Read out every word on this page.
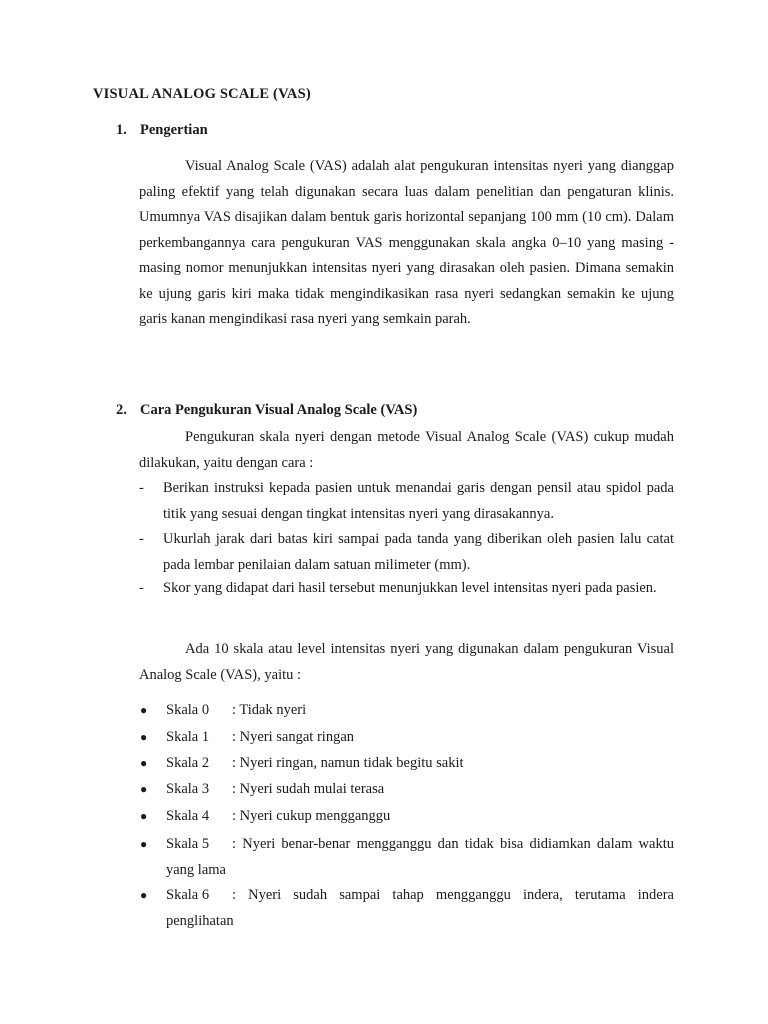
VISUAL ANALOG SCALE (VAS)
1. Pengertian

Visual Analog Scale (VAS) adalah alat pengukuran intensitas nyeri yang dianggap paling efektif yang telah digunakan secara luas dalam penelitian dan pengaturan klinis. Umumnya VAS disajikan dalam bentuk garis horizontal sepanjang 100 mm (10 cm). Dalam perkembangannya cara pengukuran VAS menggunakan skala angka 0–10 yang masing - masing nomor menunjukkan intensitas nyeri yang dirasakan oleh pasien. Dimana semakin ke ujung garis kiri maka tidak mengindikasikan rasa nyeri sedangkan semakin ke ujung garis kanan mengindikasi rasa nyeri yang semkain parah.

2. Cara Pengukuran Visual Analog Scale (VAS)

Pengukuran skala nyeri dengan metode Visual Analog Scale (VAS) cukup mudah dilakukan, yaitu dengan cara :

- Berikan instruksi kepada pasien untuk menandai garis dengan pensil atau spidol pada titik yang sesuai dengan tingkat intensitas nyeri yang dirasakannya.
- Ukurlah jarak dari batas kiri sampai pada tanda yang diberikan oleh pasien lalu catat pada lembar penilaian dalam satuan milimeter (mm).
- Skor yang didapat dari hasil tersebut menunjukkan level intensitas nyeri pada pasien.

Ada 10 skala atau level intensitas nyeri yang digunakan dalam pengukuran Visual Analog Scale (VAS), yaitu :

● Skala 0 : Tidak nyeri
● Skala 1 : Nyeri sangat ringan
● Skala 2 : Nyeri ringan, namun tidak begitu sakit
● Skala 3 : Nyeri sudah mulai terasa
● Skala 4 : Nyeri cukup mengganggu
● Skala 5 : Nyeri benar-benar mengganggu dan tidak bisa didiamkan dalam waktu yang lama
● Skala 6 : Nyeri sudah sampai tahap mengganggu indera, terutama indera penglihatan
